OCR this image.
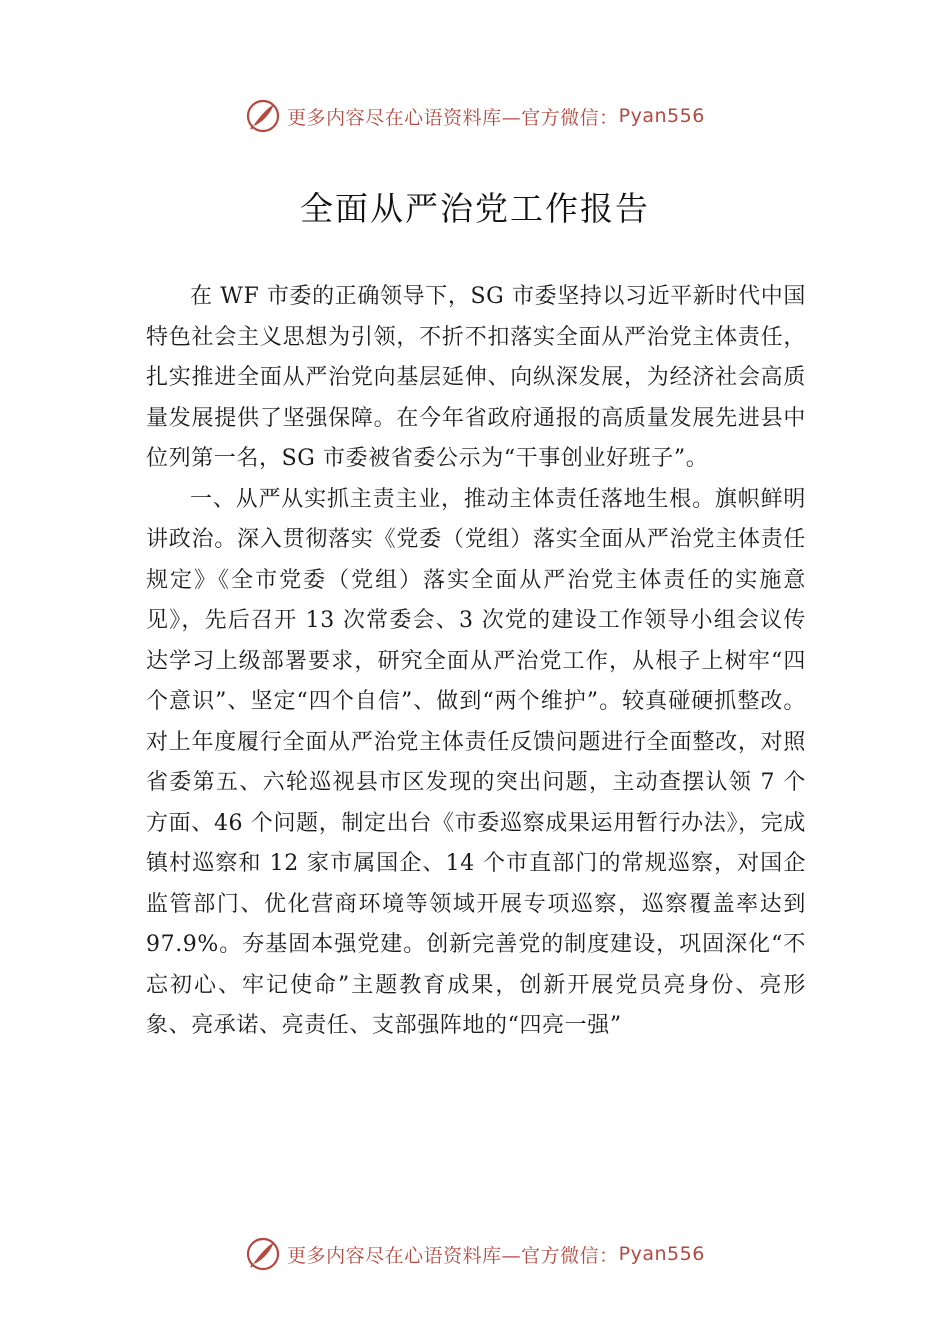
更多内容尽在心语资料库—官方微信： Pyan556
全面从严治党工作报告

在 WF 市委的正确领导下，SG 市委坚持以习近平新时代中国特色社会主义思想为引领，不折不扣落实全面从严治党主体责任，扎实推进全面从严治党向基层延伸、向纵深发展，为经济社会高质量发展提供了坚强保障。在今年省政府通报的高质量发展先进县中位列第一名，SG 市委被省委公示为“干事创业好班子”。

一、从严从实抓主责主业，推动主体责任落地生根。旗帜鲜明讲政治。深入贯彻落实《党委（党组）落实全面从严治党主体责任规定》《全市党委（党组）落实全面从严治党主体责任的实施意见》，先后召开 13 次常委会、3 次党的建设工作领导小组会议传达学习上级部署要求，研究全面从严治党工作，从根子上树牢“四个意识”、坚定“四个自信”、做到“两个维护”。较真碰硬抓整改。对上年度履行全面从严治党主体责任反馈问题进行全面整改，对照省委第五、六轮巡视县市区发现的突出问题，主动查摆认领 7 个方面、46 个问题，制定出台《市委巡察成果运用暂行办法》，完成镇村巡察和 12 家市属国企、14 个市直部门的常规巡察，对国企监管部门、优化营商环境等领域开展专项巡察，巡察覆盖率达到 97.9%。夯基固本强党建。创新完善党的制度建设，巩固深化“不忘初心、牢记使命”主题教育成果，创新开展党员亮身份、亮形象、亮承诺、亮责任、支部强阵地的“四亮一强”

更多内容尽在心语资料库—官方微信： Pyan556
